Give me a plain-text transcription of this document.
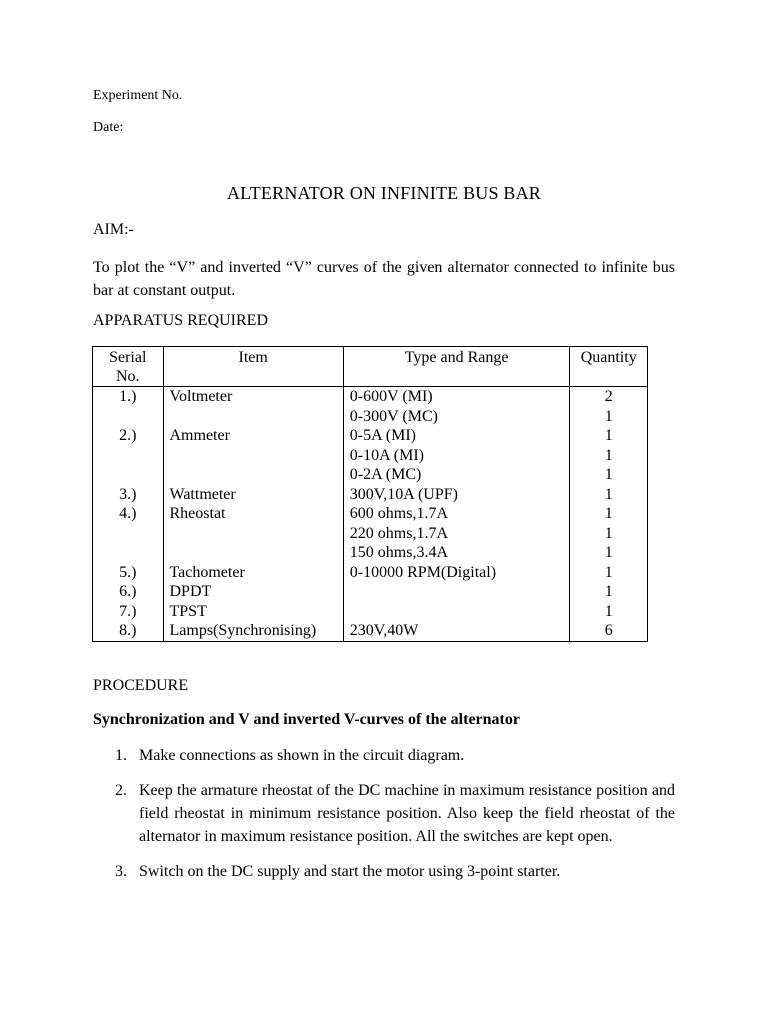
Experiment No.
Date:
ALTERNATOR ON INFINITE BUS BAR
AIM:-
To plot the “V” and inverted “V” curves of the given alternator connected to infinite bus bar at constant output.
APPARATUS REQUIRED
Serial No.	Item	Type and Range	Quantity
1.)	Voltmeter	0-600V (MI)	2
		0-300V (MC)	1
2.)	Ammeter	0-5A (MI)	1
		0-10A (MI)	1
		0-2A (MC)	1
3.)	Wattmeter	300V,10A (UPF)	1
4.)	Rheostat	600 ohms,1.7A	1
		220 ohms,1.7A	1
		150 ohms,3.4A	1
5.)	Tachometer	0-10000 RPM(Digital)	1
6.)	DPDT		1
7.)	TPST		1
8.)	Lamps(Synchronising)	230V,40W	6
PROCEDURE
Synchronization and V and inverted V-curves of the alternator
1. Make connections as shown in the circuit diagram.
2. Keep the armature rheostat of the DC machine in maximum resistance position and field rheostat in minimum resistance position. Also keep the field rheostat of the alternator in maximum resistance position. All the switches are kept open.
3. Switch on the DC supply and start the motor using 3-point starter.
